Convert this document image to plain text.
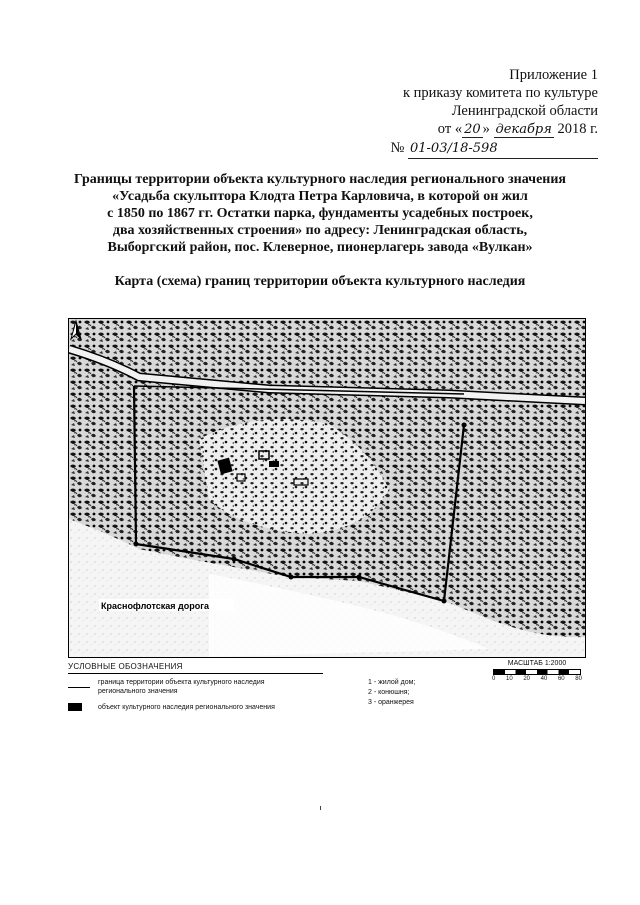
Приложение 1
к приказу комитета по культуре
Ленинградской области
от « 20 » декабря 2018 г.
№ 01-03/18-598
Границы территории объекта культурного наследия регионального значения
«Усадьба скульптора Клодта Петра Карловича, в которой он жил
с 1850 по 1867 гг. Остатки парка, фундаменты усадебных построек,
два хозяйственных строения» по адресу: Ленинградская область,
Выборгский район, пос. Клеверное, пионерлагерь завода «Вулкан»
Карта (схема) границ территории объекта культурного наследия
Краснофлотская дорога
УСЛОВНЫЕ ОБОЗНАЧЕНИЯ
граница территории объекта культурного наследия
регионального значения
объект культурного наследия регионального значения
1 - жилой дом;
2 - конюшня;
3 - оранжерея
МАСШТАБ 1:2000
0 10 20 40 60 80
